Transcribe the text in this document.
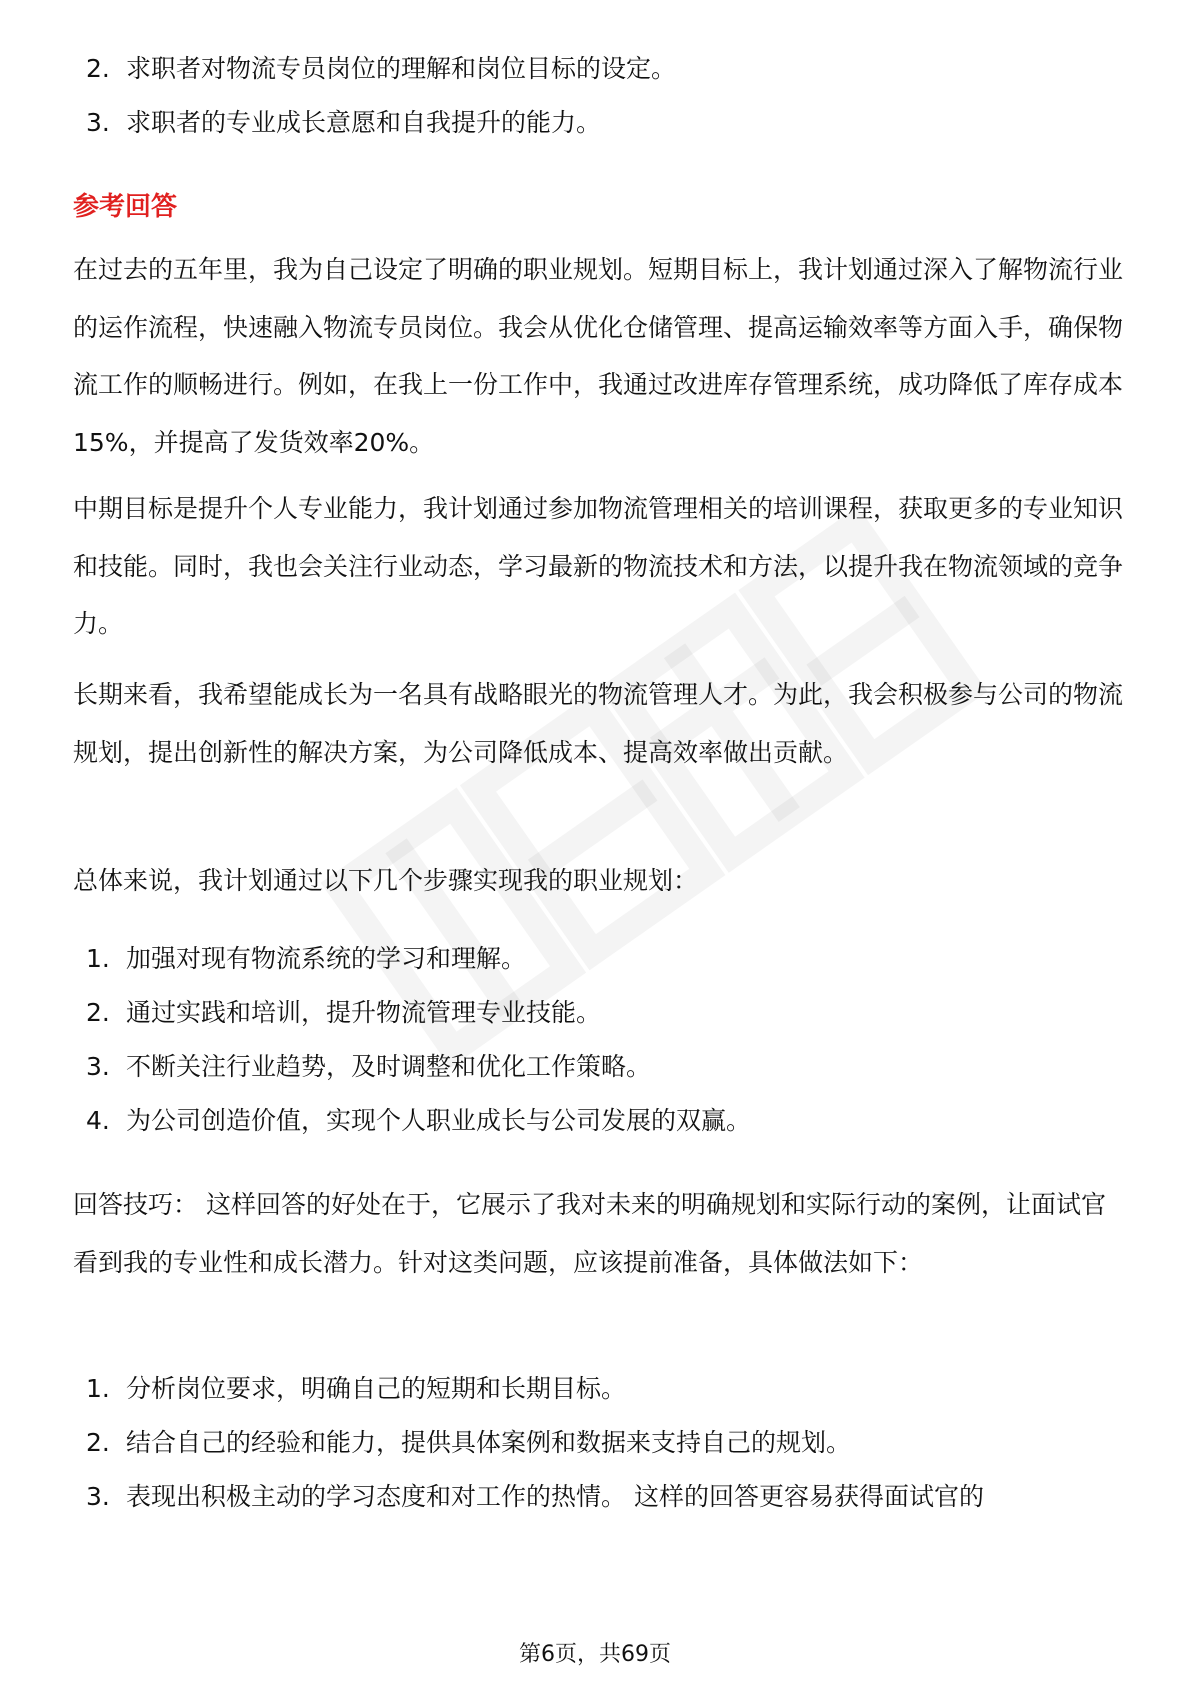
2. 求职者对物流专员岗位的理解和岗位目标的设定。
3. 求职者的专业成长意愿和自我提升的能力。
参考回答

在过去的五年里，我为自己设定了明确的职业规划。短期目标上，我计划通过深入了解物流行业的运作流程，快速融入物流专员岗位。我会从优化仓储管理、提高运输效率等方面入手，确保物流工作的顺畅进行。例如，在我上一份工作中，我通过改进库存管理系统，成功降低了库存成本15%，并提高了发货效率20%。

中期目标是提升个人专业能力，我计划通过参加物流管理相关的培训课程，获取更多的专业知识和技能。同时，我也会关注行业动态，学习最新的物流技术和方法，以提升我在物流领域的竞争力。

长期来看，我希望能成长为一名具有战略眼光的物流管理人才。为此，我会积极参与公司的物流规划，提出创新性的解决方案，为公司降低成本、提高效率做出贡献。

总体来说，我计划通过以下几个步骤实现我的职业规划：

1. 加强对现有物流系统的学习和理解。
2. 通过实践和培训，提升物流管理专业技能。
3. 不断关注行业趋势，及时调整和优化工作策略。
4. 为公司创造价值，实现个人职业成长与公司发展的双赢。

回答技巧： 这样回答的好处在于，它展示了我对未来的明确规划和实际行动的案例，让面试官看到我的专业性和成长潜力。针对这类问题，应该提前准备，具体做法如下：

1. 分析岗位要求，明确自己的短期和长期目标。
2. 结合自己的经验和能力，提供具体案例和数据来支持自己的规划。
3. 表现出积极主动的学习态度和对工作的热情。 这样的回答更容易获得面试官的
第6页，共69页
